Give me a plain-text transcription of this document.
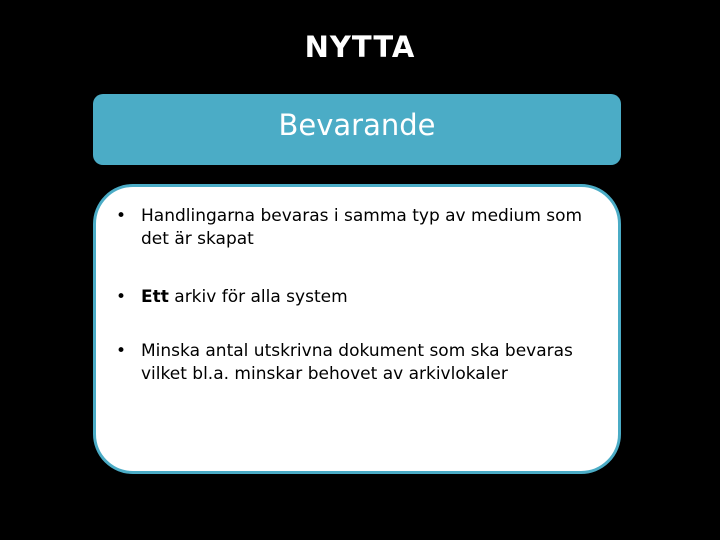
NYTTA
Bevarande
• Handlingarna bevaras i samma typ av medium som det är skapat
• Ett arkiv för alla system
• Minska antal utskrivna dokument som ska bevaras vilket bl.a. minskar behovet av arkivlokaler
